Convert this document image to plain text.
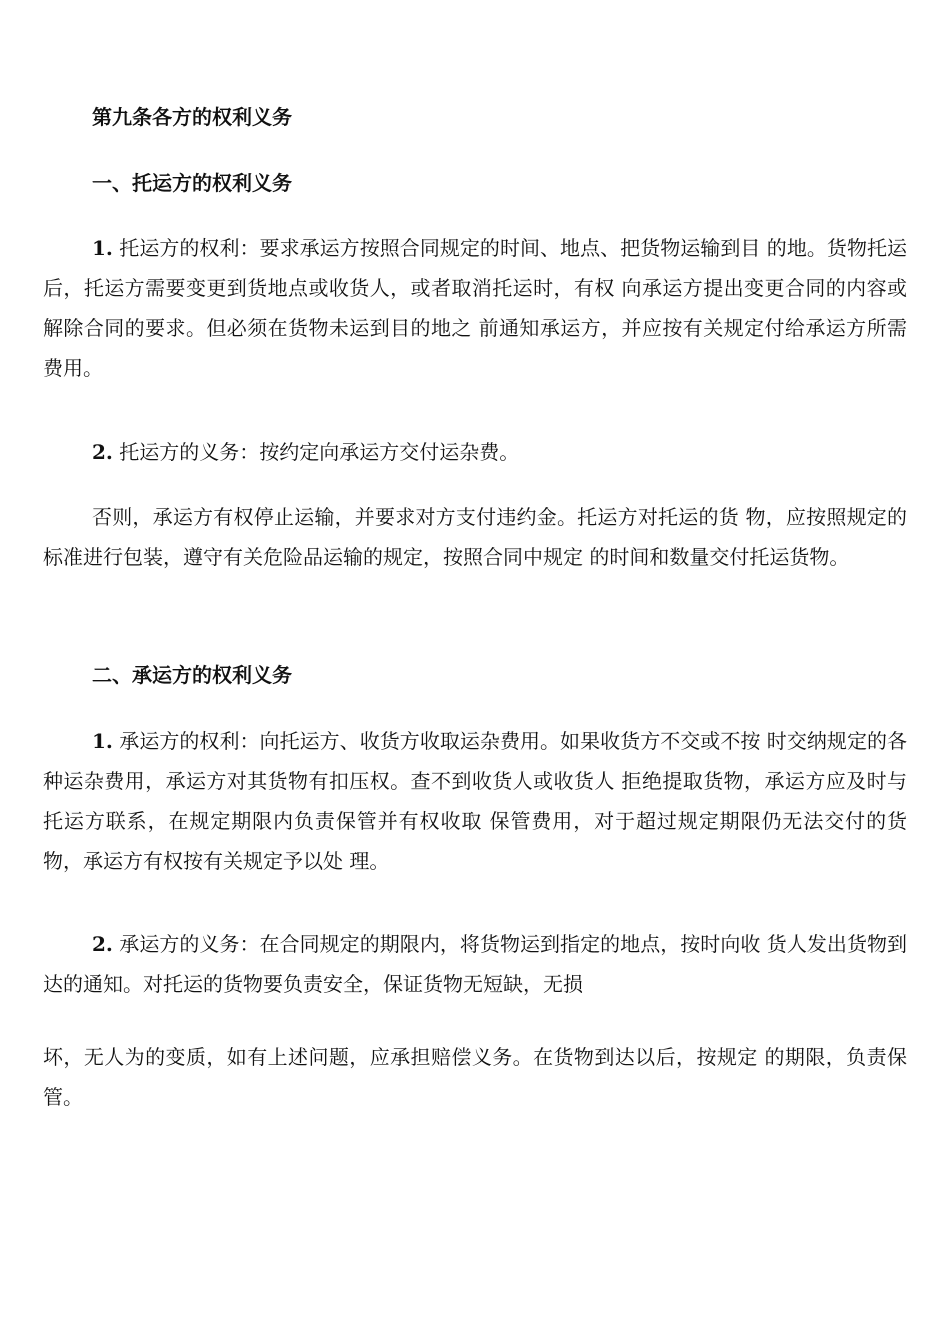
第九条各方的权利义务
一、托运方的权利义务
1. 托运方的权利：要求承运方按照合同规定的时间、地点、把货物运输到目 的地。货物托运后，托运方需要变更到货地点或收货人，或者取消托运时，有权 向承运方提出变更合同的内容或解除合同的要求。但必须在货物未运到目的地之 前通知承运方，并应按有关规定付给承运方所需费用。
2. 托运方的义务：按约定向承运方交付运杂费。
否则，承运方有权停止运输，并要求对方支付违约金。托运方对托运的货 物，应按照规定的标准进行包装，遵守有关危险品运输的规定，按照合同中规定 的时间和数量交付托运货物。
二、承运方的权利义务
1. 承运方的权利：向托运方、收货方收取运杂费用。如果收货方不交或不按 时交纳规定的各种运杂费用，承运方对其货物有扣压权。查不到收货人或收货人 拒绝提取货物，承运方应及时与托运方联系，在规定期限内负责保管并有权收取 保管费用，对于超过规定期限仍无法交付的货物，承运方有权按有关规定予以处 理。
2. 承运方的义务：在合同规定的期限内，将货物运到指定的地点，按时向收 货人发出货物到达的通知。对托运的货物要负责安全，保证货物无短缺，无损
坏，无人为的变质，如有上述问题，应承担赔偿义务。在货物到达以后，按规定 的期限，负责保管。
